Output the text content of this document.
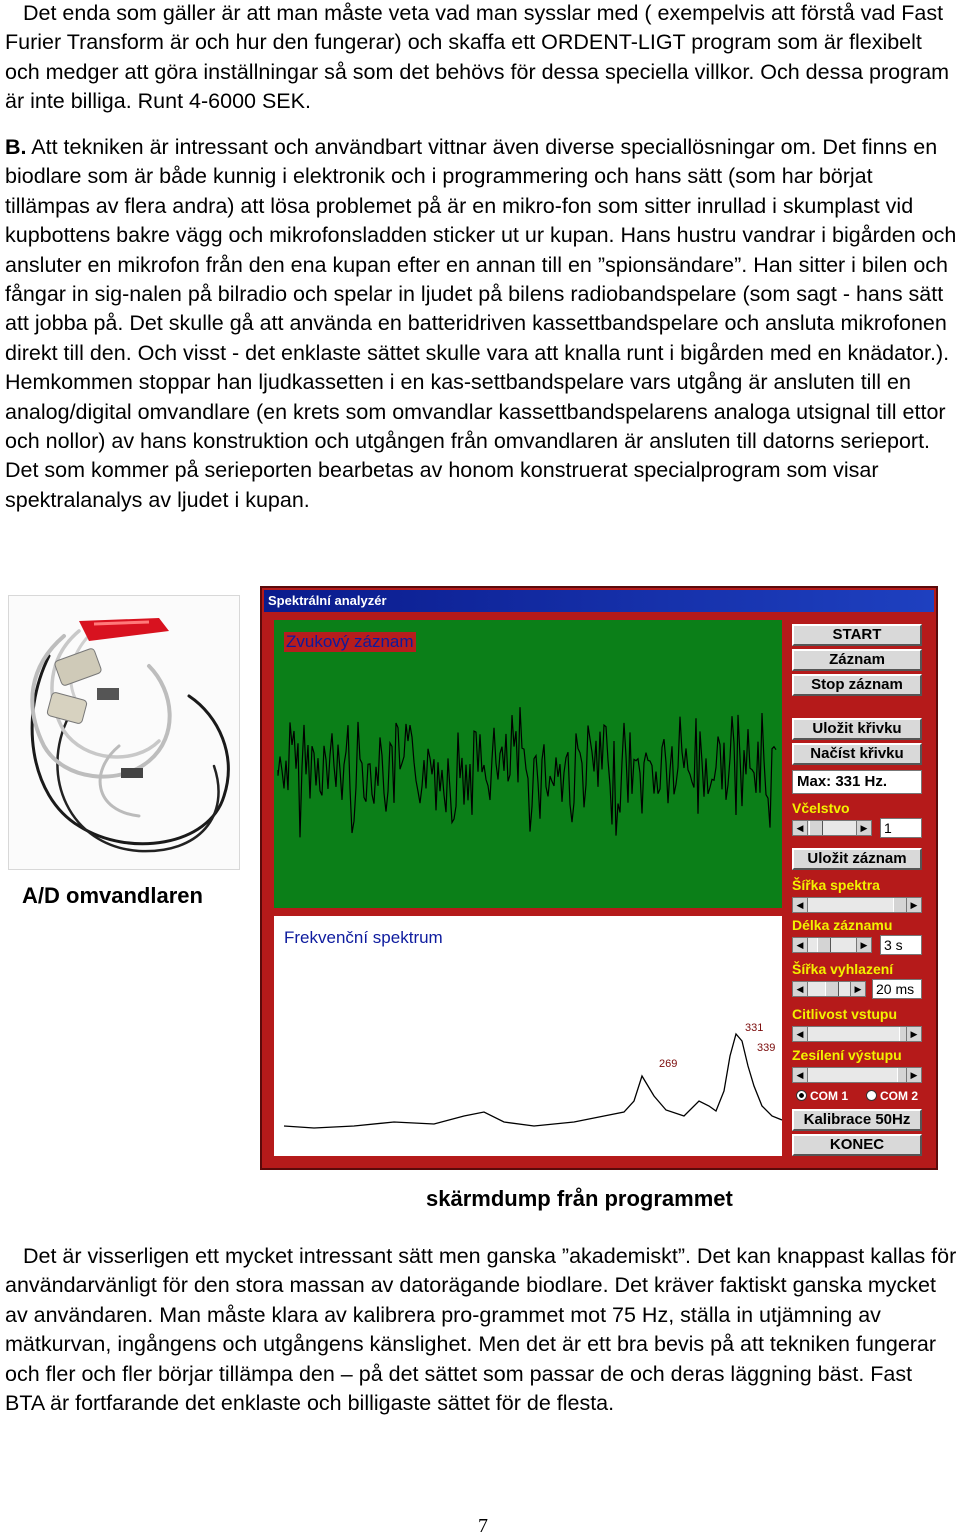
Det enda som gäller är att man måste veta vad man sysslar med ( exempelvis att förstå vad Fast Furier Transform är och hur den fungerar) och skaffa ett ORDENT-LIGT program som är flexibelt och medger att göra inställningar så som det behövs för dessa speciella villkor. Och dessa program är inte billiga. Runt 4-6000 SEK.

B. Att tekniken är intressant och användbart vittnar även diverse speciallösningar om. Det finns en biodlare som är både kunnig i elektronik och i programmering och hans sätt (som har börjat tillämpas av flera andra) att lösa problemet på är en mikro-fon som sitter inrullad i skumplast vid kupbottens bakre vägg och mikrofonsladden sticker ut ur kupan. Hans hustru vandrar i bigården och ansluter en mikrofon från den ena kupan efter en annan till en ”spionsändare”. Han sitter i bilen och fångar in sig-nalen på bilradio och spelar in ljudet på bilens radiobandspelare (som sagt - hans sätt att jobba på. Det skulle gå att använda en batteridriven kassettbandspelare och ansluta mikrofonen direkt till den. Och visst - det enklaste sättet skulle vara att knalla runt i bigården med en knädator.). Hemkommen stoppar han ljudkassetten i en kas-settbandspelare vars utgång är ansluten till en analog/digital omvandlare (en krets som omvandlar kassettbandspelarens analoga utsignal till ettor och nollor) av hans konstruktion och utgången från omvandlaren är ansluten till datorns serieport. Det som kommer på serieporten bearbetas av honom konstruerat specialprogram som visar spektralanalys av ljudet i kupan.

A/D omvandlaren
Spektrální analyzér
Zvukový záznam
Frekvenční spektrum
331
339
269
START
Záznam
Stop záznam
Uložit křivku
Načíst křivku
Max: 331 Hz.
Včelstvo
◀	▶ 1
Uložit záznam
Šířka spektra
◀	▶
Délka záznamu
◀	▶ 3 s
Šířka vyhlazení
◀	▶ 20 ms
Citlivost vstupu
◀	▶
Zesílení výstupu
◀	▶
COM 1	COM 2
Kalibrace 50Hz
KONEC
skärmdump från programmet

Det är visserligen ett mycket intressant sätt men ganska ”akademiskt”. Det kan knappast kallas för användarvänligt för den stora massan av datorägande biodlare. Det kräver faktiskt ganska mycket av användaren. Man måste klara av kalibrera pro-grammet mot 75 Hz, ställa in utjämning av mätkurvan, ingångens och utgångens känslighet. Men det är ett bra bevis på att tekniken fungerar och fler och fler börjar tillämpa den – på det sättet som passar de och deras läggning bäst. Fast BTA är fortfarande det enklaste och billigaste sättet för de flesta.

7
